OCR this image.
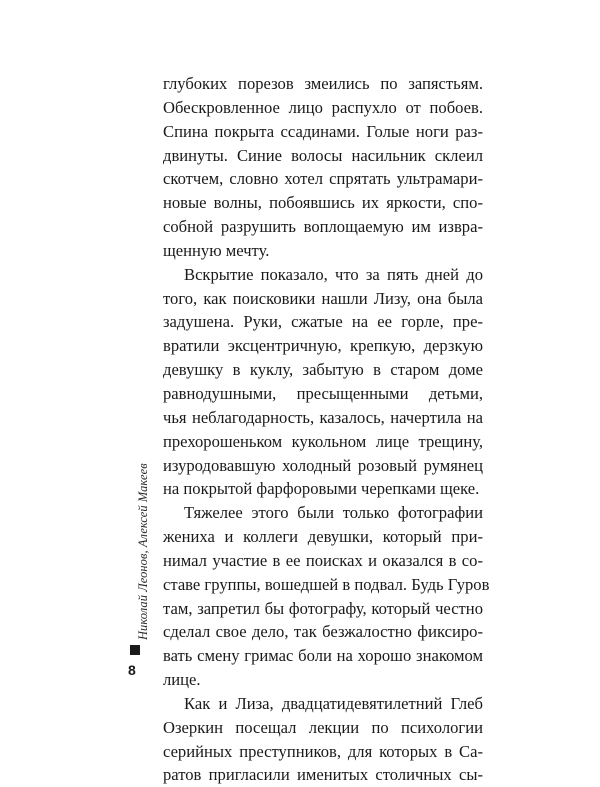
глубоких порезов змеились по запястьям.
Обескровленное лицо распухло от побоев.
Спина покрыта ссадинами. Голые ноги раз-
двинуты. Синие волосы насильник склеил
скотчем, словно хотел спрятать ультрамари-
новые волны, побоявшись их яркости, спо-
собной разрушить воплощаемую им извра-
щенную мечту.
Вскрытие показало, что за пять дней до
того, как поисковики нашли Лизу, она была
задушена. Руки, сжатые на ее горле, пре-
вратили эксцентричную, крепкую, дерзкую
девушку в куклу, забытую в старом доме
равнодушными, пресыщенными детьми,
чья неблагодарность, казалось, начертила на
прехорошеньком кукольном лице трещину,
изуродовавшую холодный розовый румянец
на покрытой фарфоровыми черепками щеке.
Тяжелее этого были только фотографии
жениха и коллеги девушки, который при-
нимал участие в ее поисках и оказался в со-
ставе группы, вошедшей в подвал. Будь Гуров
там, запретил бы фотографу, который честно
сделал свое дело, так безжалостно фиксиро-
вать смену гримас боли на хорошо знакомом
лице.
Как и Лиза, двадцатидевятилетний Глеб
Озеркин посещал лекции по психологии
серийных преступников, для которых в Са-
ратов пригласили именитых столичных сы-
Николай Леонов, Алексей Макеев
8
